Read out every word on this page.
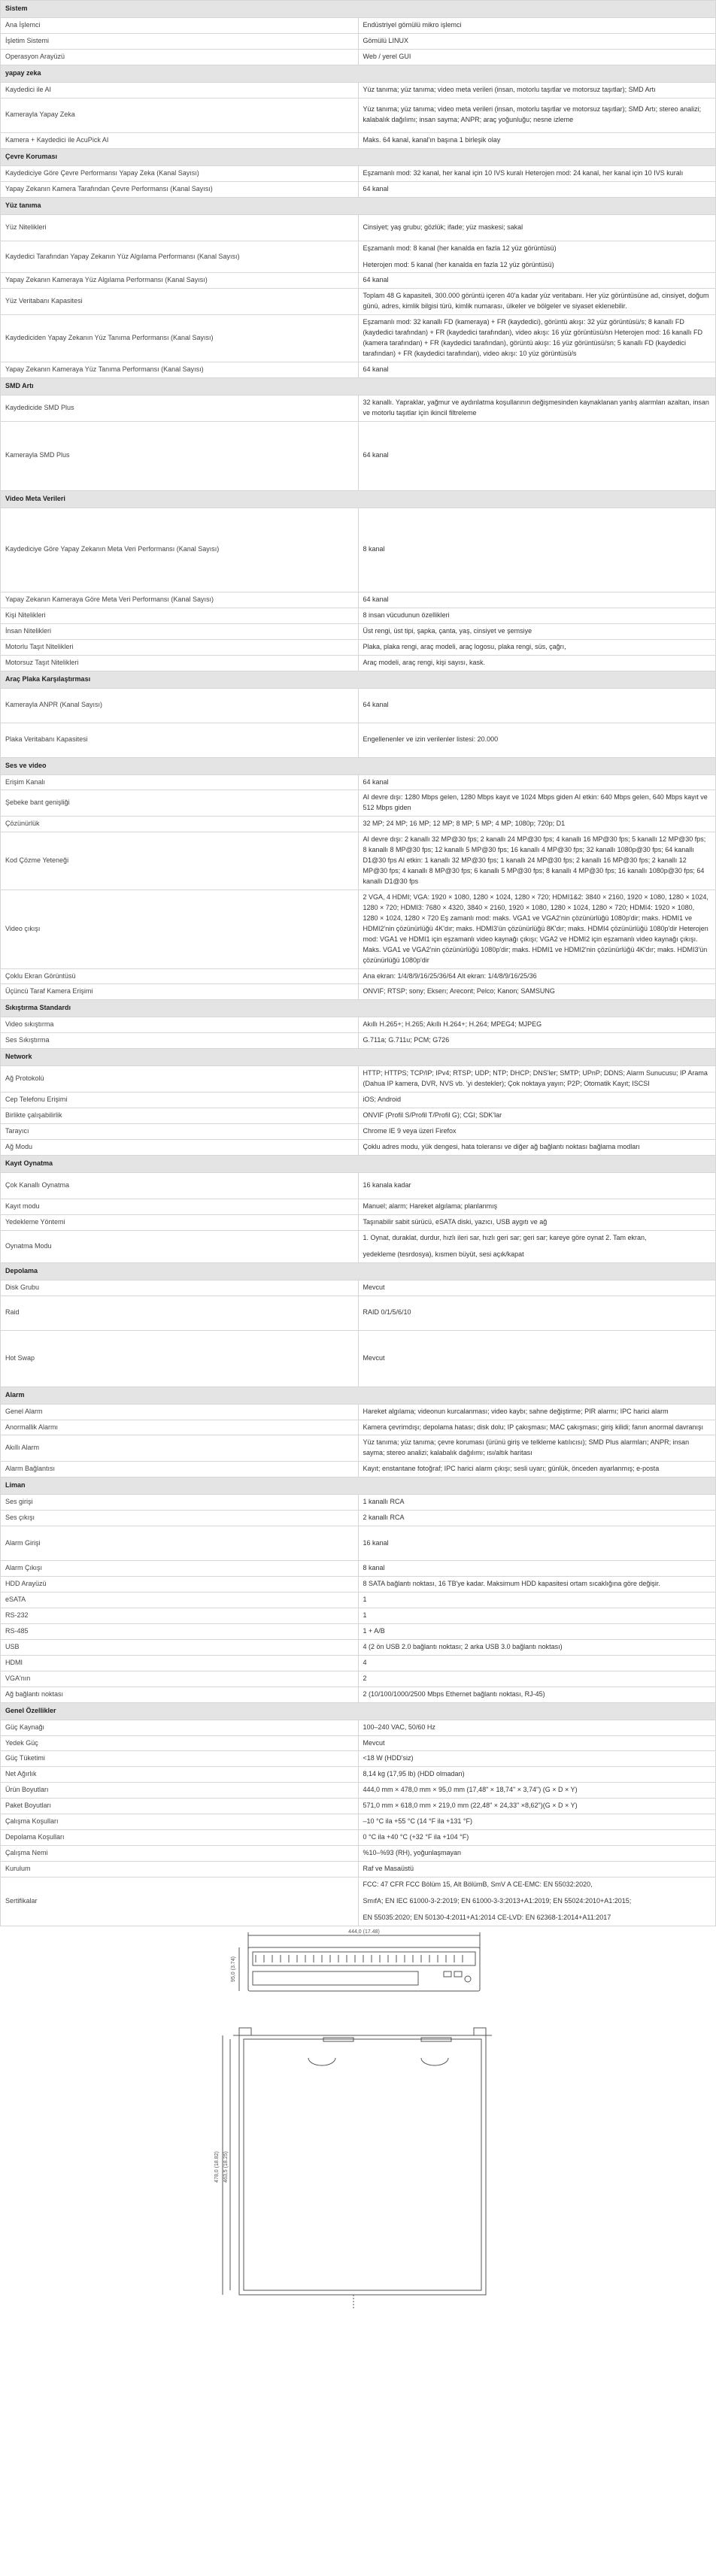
Sistem	
Ana İşlemci	Endüstriyel gömülü mikro işlemci

İşletim Sistemi	Gömülü LINUX

Operasyon Arayüzü	Web / yerel GUI

yapay zeka	
Kaydedici ile AI	Yüz tanıma; yüz tanıma; video meta verileri (insan, motorlu taşıtlar ve motorsuz taşıtlar); SMD Artı

Kamerayla Yapay Zeka	Yüz tanıma; yüz tanıma; video meta verileri (insan, motorlu taşıtlar ve motorsuz taşıtlar); SMD Artı; stereo analizi; kalabalık dağılımı; insan sayma; ANPR; araç yoğunluğu; nesne izleme

Kamera + Kaydedici ile AcuPick AI	Maks. 64 kanal, kanal'ın başına 1 birleşik olay

Çevre Koruması	
Kaydediciye Göre Çevre Performansı Yapay Zeka (Kanal Sayısı)	Eşzamanlı mod: 32 kanal, her kanal için 10 IVS kuralı Heterojen mod: 24 kanal, her kanal için 10 IVS kuralı

Yapay Zekanın Kamera Tarafından Çevre Performansı (Kanal Sayısı)	64 kanal

Yüz tanıma	
Yüz Nitelikleri	Cinsiyet; yaş grubu; gözlük; ifade; yüz maskesi; sakal

Kaydedici Tarafından Yapay Zekanın Yüz Algılama Performansı (Kanal Sayısı)	Eşzamanlı mod: 8 kanal (her kanalda en fazla 12 yüz görüntüsü)
Heterojen mod: 5 kanal (her kanalda en fazla 12 yüz görüntüsü)

Yapay Zekanın Kameraya Yüz Algılama Performansı (Kanal Sayısı)	64 kanal

Yüz Veritabanı Kapasitesi	Toplam 48 G kapasiteli, 300.000 görüntü içeren 40'a kadar yüz veritabanı. Her yüz görüntüsüne ad, cinsiyet, doğum günü, adres, kimlik bilgisi türü, kimlik numarası, ülkeler ve bölgeler ve siyaset eklenebilir.

Kaydediciden Yapay Zekanın Yüz Tanıma Performansı (Kanal Sayısı)	Eşzamanlı mod: 32 kanallı FD (kameraya) + FR (kaydedici), görüntü akışı: 32 yüz görüntüsü/s; 8 kanallı FD (kaydedici tarafından) + FR (kaydedici tarafından), video akışı: 16 yüz görüntüsü/sn Heterojen mod: 16 kanallı FD (kamera tarafından) + FR (kaydedici tarafından), görüntü akışı: 16 yüz görüntüsü/sn; 5 kanallı FD (kaydedici tarafından) + FR (kaydedici tarafından), video akışı: 10 yüz görüntüsü/s

Yapay Zekanın Kameraya Yüz Tanıma Performansı (Kanal Sayısı)	64 kanal

SMD Artı	
Kaydedicide SMD Plus	32 kanallı. Yapraklar, yağmur ve aydınlatma koşullarının değişmesinden kaynaklanan yanlış alarmları azaltan, insan ve motorlu taşıtlar için ikincil filtreleme

Kamerayla SMD Plus	64 kanal

Video Meta Verileri	
Kaydediciye Göre Yapay Zekanın Meta Veri Performansı (Kanal Sayısı)	8 kanal

Yapay Zekanın Kameraya Göre Meta Veri Performansı (Kanal Sayısı)	64 kanal

Kişi Nitelikleri	8 insan vücudunun özellikleri

İnsan Nitelikleri	Üst rengi, üst tipi, şapka, çanta, yaş, cinsiyet ve şemsiye

Motorlu Taşıt Nitelikleri	Plaka, plaka rengi, araç modeli, araç logosu, plaka rengi, süs, çağrı,

Motorsuz Taşıt Nitelikleri	Araç modeli, araç rengi, kişi sayısı, kask.

Araç Plaka Karşılaştırması	
Kamerayla ANPR (Kanal Sayısı)	64 kanal

Plaka Veritabanı Kapasitesi	Engellenenler ve izin verilenler listesi: 20.000

Ses ve video	
Erişim Kanalı	64 kanal

Şebeke bant genişliği	AI devre dışı: 1280 Mbps gelen, 1280 Mbps kayıt ve 1024 Mbps giden AI etkin: 640 Mbps gelen, 640 Mbps kayıt ve 512 Mbps giden

Çözünürlük	32 MP; 24 MP; 16 MP; 12 MP; 8 MP; 5 MP; 4 MP; 1080p; 720p; D1

Kod Çözme Yeteneği	AI devre dışı: 2 kanallı 32 MP@30 fps; 2 kanallı 24 MP@30 fps; 4 kanallı 16 MP@30 fps; 5 kanallı 12 MP@30 fps; 8 kanallı 8 MP@30 fps; 12 kanallı 5 MP@30 fps; 16 kanallı 4 MP@30 fps; 32 kanallı 1080p@30 fps; 64 kanallı D1@30 fps AI etkin: 1 kanallı 32 MP@30 fps; 1 kanallı 24 MP@30 fps; 2 kanallı 16 MP@30 fps; 2 kanallı 12 MP@30 fps; 4 kanallı 8 MP@30 fps; 6 kanallı 5 MP@30 fps; 8 kanallı 4 MP@30 fps; 16 kanallı 1080p@30 fps; 64 kanallı D1@30 fps

Video çıkışı	2 VGA, 4 HDMI; VGA: 1920 × 1080, 1280 × 1024, 1280 × 720; HDMI1&2: 3840 × 2160, 1920 × 1080, 1280 × 1024, 1280 × 720; HDMI3: 7680 × 4320, 3840 × 2160, 1920 × 1080, 1280 × 1024, 1280 × 720; HDMI4: 1920 × 1080, 1280 × 1024, 1280 × 720 Eş zamanlı mod: maks. VGA1 ve VGA2'nin çözünürlüğü 1080p'dir; maks. HDMI1 ve HDMI2'nin çözünürlüğü 4K'dır; maks. HDMI3'ün çözünürlüğü 8K'dır; maks. HDMI4 çözünürlüğü 1080p'dir Heterojen mod: VGA1 ve HDMI1 için eşzamanlı video kaynağı çıkışı; VGA2 ve HDMI2 için eşzamanlı video kaynağı çıkışı. Maks. VGA1 ve VGA2'nin çözünürlüğü 1080p'dir; maks. HDMI1 ve HDMI2'nin çözünürlüğü 4K'dır; maks. HDMI3'ün çözünürlüğü 1080p'dir

Çoklu Ekran Görüntüsü	Ana ekran: 1/4/8/9/16/25/36/64 Alt ekran: 1/4/8/9/16/25/36

Üçüncü Taraf Kamera Erişimi	ONVIF; RTSP; sony; Ekserı; Arecont; Pelco; Kanon; SAMSUNG

Sıkıştırma Standardı	
Video sıkıştırma	Akıllı H.265+; H.265; Akıllı H.264+; H.264; MPEG4; MJPEG

Ses Sıkıştırma	G.711a; G.711u; PCM; G726

Network	
Ağ Protokolü	HTTP; HTTPS; TCP/IP; IPv4; RTSP; UDP; NTP; DHCP; DNS'ler; SMTP; UPnP; DDNS; Alarm Sunucusu; IP Arama (Dahua IP kamera, DVR, NVS vb. 'yi destekler); Çok noktaya yayın; P2P; Otomatik Kayıt; ISCSI

Cep Telefonu Erişimi	iOS; Android

Birlikte çalışabilirlik	ONVIF (Profil S/Profil T/Profil G); CGI; SDK'lar

Tarayıcı	Chrome IE 9 veya üzeri Firefox

Ağ Modu	Çoklu adres modu, yük dengesi, hata toleransı ve diğer ağ bağlantı noktası bağlama modları

Kayıt Oynatma	
Çok Kanallı Oynatma	16 kanala kadar

Kayıt modu	Manuel; alarm; Hareket algılama; planlanmış

Yedekleme Yöntemi	Taşınabilir sabit sürücü, eSATA diski, yazıcı, USB aygıtı ve ağ

Oynatma Modu	1. Oynat, duraklat, durdur, hızlı ileri sar, hızlı geri sar; geri sar; kareye göre oynat 2. Tam ekran,
yedekleme (tesrdosya), kısmen büyüt, sesi açık/kapat

Depolama	
Disk Grubu	Mevcut

Raid	RAID 0/1/5/6/10

Hot Swap	Mevcut

Alarm	
Genel Alarm	Hareket algılama; videonun kurcalanması; video kaybı; sahne değiştirme; PIR alarmı; IPC harici alarm

Anormallik Alarmı	Kamera çevrimdışı; depolama hatası; disk dolu; IP çakışması; MAC çakışması; giriş kilidi; fanın anormal davranışı

Akıllı Alarm	Yüz tanıma; yüz tanıma; çevre koruması (ürünü giriş ve telkleme katılıcısı); SMD Plus alarmları; ANPR; insan sayma; stereo analizi; kalabalık dağılımı; ısı/altık haritası

Alarm Bağlantısı	Kayıt; enstantane fotoğraf; IPC harici alarm çıkışı; sesli uyarı; günlük, önceden ayarlanmış; e-posta

Liman	
Ses girişi	1 kanallı RCA

Ses çıkışı	2 kanallı RCA

Alarm Girişi	16 kanal

Alarm Çıkışı	8 kanal

HDD Arayüzü	8 SATA bağlantı noktası, 16 TB'ye kadar. Maksimum HDD kapasitesi ortam sıcaklığına göre değişir.

eSATA	1

RS-232	1

RS-485	1 + A/B

USB	4 (2 ön USB 2.0 bağlantı noktası; 2 arka USB 3.0 bağlantı noktası)

HDMI	4

VGA'nın	2

Ağ bağlantı noktası	2 (10/100/1000/2500 Mbps Ethernet bağlantı noktası, RJ-45)

Genel Özellikler	
Güç Kaynağı	100–240 VAC, 50/60 Hz

Yedek Güç	Mevcut

Güç Tüketimi	<18 W (HDD'siz)

Net Ağırlık	8,14 kg (17,95 lb) (HDD olmadan)

Ürün Boyutları	444,0 mm × 478,0 mm × 95,0 mm (17,48" × 18,74" × 3,74") (G × D × Y)

Paket Boyutları	571,0 mm × 618,0 mm × 219,0 mm (22,48" × 24,33" ×8,62")(G × D × Y)

Çalışma Koşulları	–10 °C ila +55 °C (14 °F ila +131 °F)

Depolama Koşulları	0 °C ila +40 °C (+32 °F ila +104 °F)

Çalışma Nemi	%10–%93 (RH), yoğunlaşmayan

Kurulum	Raf ve Masaüstü

Sertifikalar	FCC: 47 CFR FCC Bölüm 15, Alt BölümB, SmV A CE-EMC: EN 55032:2020,
SmıfA; EN IEC 61000-3-2:2019; EN 61000-3-3:2013+A1:2019; EN 55024:2010+A1:2015;
EN 55035:2020; EN 50130-4:2011+A1:2014 CE-LVD: EN 62368-1:2014+A11:2017
444,0 (17.48)
95,0 (3.74)
478,0 (18.82) 463,5 (18.25)
